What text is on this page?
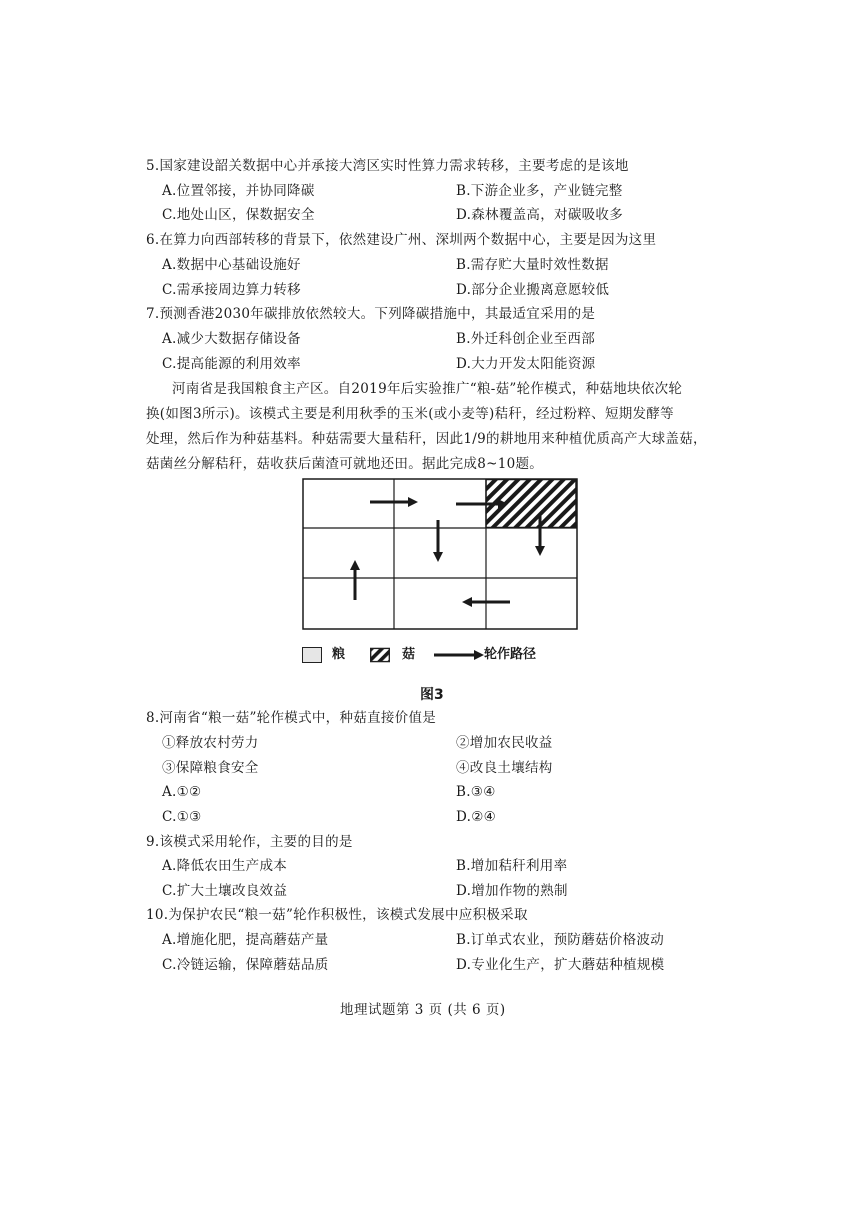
5.国家建设韶关数据中心并承接大湾区实时性算力需求转移，主要考虑的是该地
A.位置邻接，并协同降碳	B.下游企业多，产业链完整
C.地处山区，保数据安全	D.森林覆盖高，对碳吸收多
6.在算力向西部转移的背景下，依然建设广州、深圳两个数据中心，主要是因为这里
A.数据中心基础设施好	B.需存贮大量时效性数据
C.需承接周边算力转移	D.部分企业搬离意愿较低
7.预测香港2030年碳排放依然较大。下列降碳措施中，其最适宜采用的是
A.减少大数据存储设备	B.外迁科创企业至西部
C.提高能源的利用效率	D.大力开发太阳能资源
河南省是我国粮食主产区。自2019年后实验推广“粮-菇”轮作模式，种菇地块依次轮
换(如图3所示)。该模式主要是利用秋季的玉米(或小麦等)秸秆，经过粉粹、短期发酵等
处理，然后作为种菇基料。种菇需要大量秸秆，因此1/9的耕地用来种植优质高产大球盖菇，
菇菌丝分解秸秆，菇收获后菌渣可就地还田。据此完成8~10题。
粮	菇	轮作路径
图3
8.河南省“粮一菇”轮作模式中，种菇直接价值是
①释放农村劳力	②增加农民收益
③保障粮食安全	④改良土壤结构
A.①②	B.③④
C.①③	D.②④
9.该模式采用轮作，主要的目的是
A.降低农田生产成本	B.增加秸秆利用率
C.扩大土壤改良效益	D.增加作物的熟制
10.为保护农民“粮一菇”轮作积极性，该模式发展中应积极采取
A.增施化肥，提高蘑菇产量	B.订单式农业，预防蘑菇价格波动
C.冷链运输，保障蘑菇品质	D.专业化生产，扩大蘑菇种植规模
地理试题第 3 页 (共 6 页)
